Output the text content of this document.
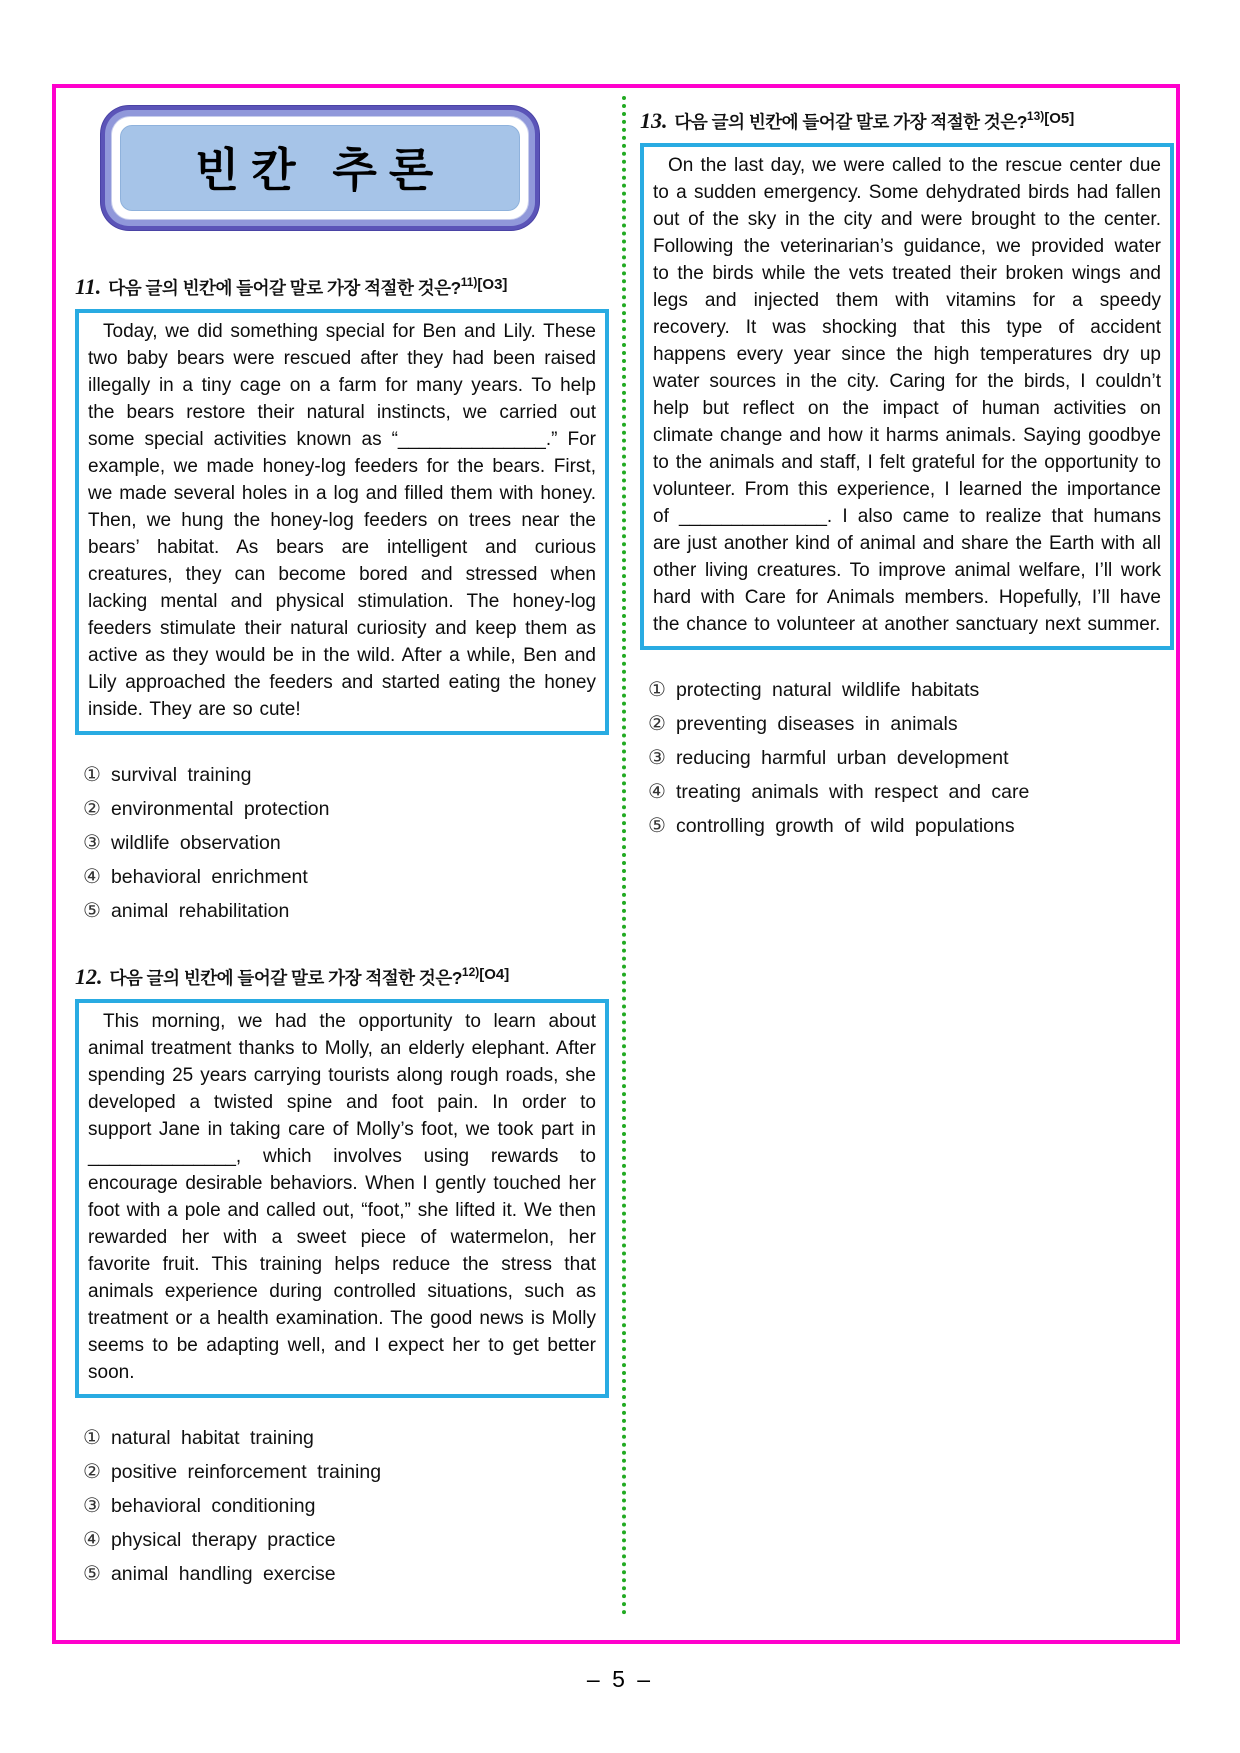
빈칸 추론
11. 다음 글의 빈칸에 들어갈 말로 가장 적절한 것은?$^{11)}$[O3]

Today, we did something special for Ben and Lily. These two baby bears were rescued after they had been raised illegally in a tiny cage on a farm for many years. To help the bears restore their natural instincts, we carried out some special activities known as “______________.” For example, we made honey-log feeders for the bears. First, we made several holes in a log and filled them with honey. Then, we hung the honey-log feeders on trees near the bears’ habitat. As bears are intelligent and curious creatures, they can become bored and stressed when lacking mental and physical stimulation. The honey-log feeders stimulate their natural curiosity and keep them as active as they would be in the wild. After a while, Ben and Lily approached the feeders and started eating the honey inside. They are so cute!

① survival training
② environmental protection
③ wildlife observation
④ behavioral enrichment
⑤ animal rehabilitation
12. 다음 글의 빈칸에 들어갈 말로 가장 적절한 것은?$^{12)}$[O4]

This morning, we had the opportunity to learn about animal treatment thanks to Molly, an elderly elephant. After spending 25 years carrying tourists along rough roads, she developed a twisted spine and foot pain. In order to support Jane in taking care of Molly’s foot, we took part in ______________, which involves using rewards to encourage desirable behaviors. When I gently touched her foot with a pole and called out, “foot,” she lifted it. We then rewarded her with a sweet piece of watermelon, her favorite fruit. This training helps reduce the stress that animals experience during controlled situations, such as treatment or a health examination. The good news is Molly seems to be adapting well, and I expect her to get better soon.

① natural habitat training
② positive reinforcement training
③ behavioral conditioning
④ physical therapy practice
⑤ animal handling exercise
13. 다음 글의 빈칸에 들어갈 말로 가장 적절한 것은?$^{13)}$[O5]

On the last day, we were called to the rescue center due to a sudden emergency. Some dehydrated birds had fallen out of the sky in the city and were brought to the center. Following the veterinarian’s guidance, we provided water to the birds while the vets treated their broken wings and legs and injected them with vitamins for a speedy recovery. It was shocking that this type of accident happens every year since the high temperatures dry up water sources in the city. Caring for the birds, I couldn’t help but reflect on the impact of human activities on climate change and how it harms animals. Saying goodbye to the animals and staff, I felt grateful for the opportunity to volunteer. From this experience, I learned the importance of ______________. I also came to realize that humans are just another kind of animal and share the Earth with all other living creatures. To improve animal welfare, I’ll work hard with Care for Animals members. Hopefully, I’ll have the chance to volunteer at another sanctuary next summer.

① protecting natural wildlife habitats
② preventing diseases in animals
③ reducing harmful urban development
④ treating animals with respect and care
⑤ controlling growth of wild populations
– 5 –
